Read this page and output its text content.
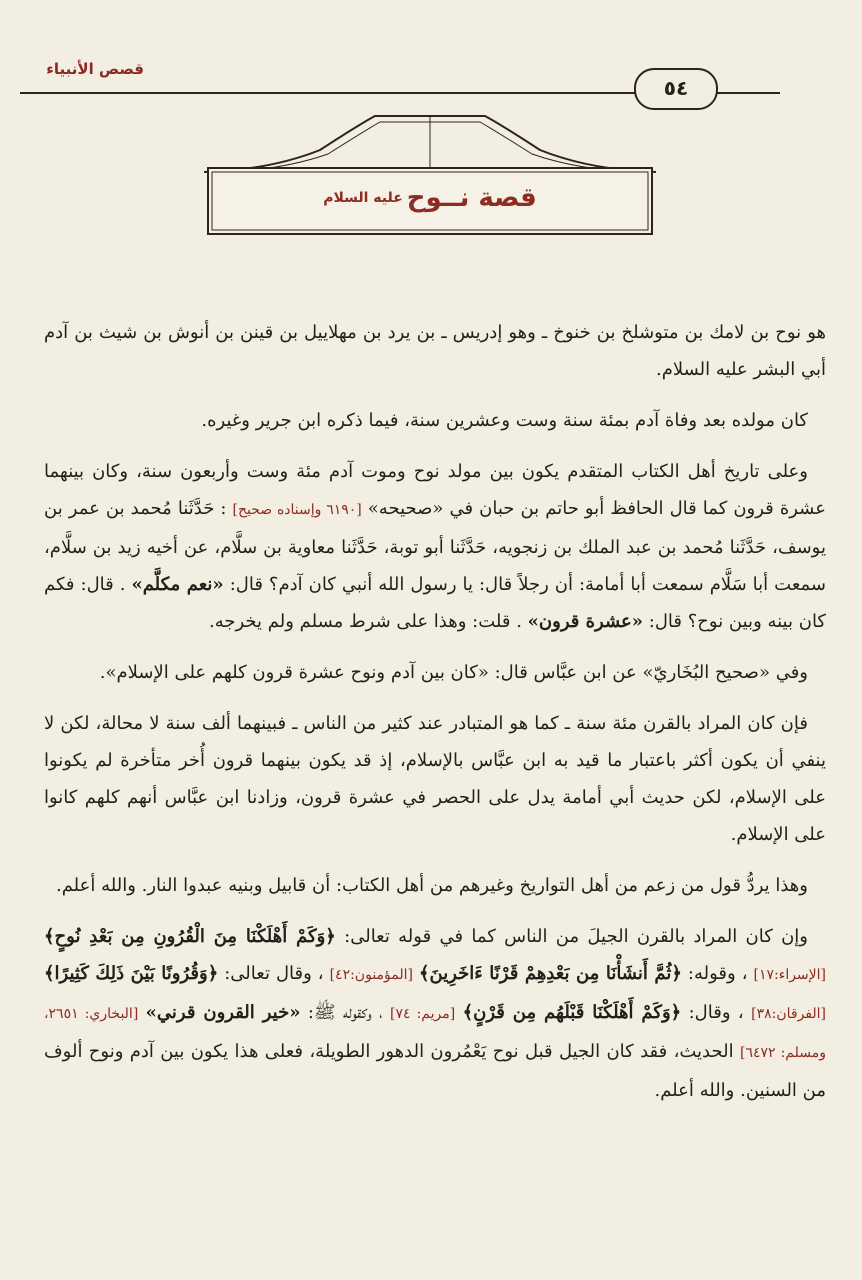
قصص الأنبياء
٥٤
قصة نــوح
عليه السلام

هو نوح بن لامك بن متوشلخ بن خنوخ ـ وهو إدريس ـ بن يرد بن مهلاييل بن قينن بن أنوش بن شيث بن آدم أبي البشر عليه السلام.

كان مولده بعد وفاة آدم بمئة سنة وست وعشرين سنة، فيما ذكره ابن جرير وغيره.

وعلى تاريخ أهل الكتاب المتقدم يكون بين مولد نوح وموت آدم مئة وست وأربعون سنة، وكان بينهما عشرة قرون كما قال الحافظ أبو حاتم بن حبان في «صحيحه» [٦١٩٠ وإسناده صحيح] : حَدَّثَنا مُحمد بن عمر بن يوسف، حَدَّثَنا مُحمد بن عبد الملك بن زنجويه، حَدَّثَنا أبو توبة، حَدَّثَنا معاوية بن سلَّام، عن أخيه زيد بن سلَّام، سمعت أبا سَلَّام سمعت أبا أمامة: أن رجلاً قال: يا رسول الله أنبي كان آدم؟ قال: «نعم مكلَّم» . قال: فكم كان بينه وبين نوح؟ قال: «عشرة قرون» . قلت: وهذا على شرط مسلم ولم يخرجه.

وفي «صحيح البُخَاريّ» عن ابن عبَّاس قال: «كان بين آدم ونوح عشرة قرون كلهم على الإسلام».

فإن كان المراد بالقرن مئة سنة ـ كما هو المتبادر عند كثير من الناس ـ فبينهما ألف سنة لا محالة، لكن لا ينفي أن يكون أكثر باعتبار ما قيد به ابن عبَّاس بالإسلام، إذ قد يكون بينهما قرون أُخر متأخرة لم يكونوا على الإسلام، لكن حديث أبي أمامة يدل على الحصر في عشرة قرون، وزادنا ابن عبَّاس أنهم كلهم كانوا على الإسلام.

وهذا يردُّ قول من زعم من أهل التواريخ وغيرهم من أهل الكتاب: أن قابيل وبنيه عبدوا النار. والله أعلم.

وإن كان المراد بالقرن الجيلَ من الناس كما في قوله تعالى: ﴿وَكَمْ أَهْلَكْنَا مِنَ الْقُرُونِ مِن بَعْدِ نُوحٍ﴾ [الإسراء:١٧] ، وقوله: ﴿ثُمَّ أَنشَأْنَا مِن بَعْدِهِمْ قَرْنًا ءَاخَرِينَ﴾ [المؤمنون:٤٢] ، وقال تعالى: ﴿وَقُرُونًا بَيْنَ ذَلِكَ كَثِيرًا﴾ [الفرقان:٣٨] ، وقال: ﴿وَكَمْ أَهْلَكْنَا قَبْلَهُم مِن قَرْنٍ﴾ [مريم: ٧٤] ، وكقوله ﷺ: «خير القرون قرني» [البخاري: ٢٦٥١، ومسلم: ٦٤٧٢] الحديث، فقد كان الجيل قبل نوح يَعْمُرون الدهور الطويلة، فعلى هذا يكون بين آدم ونوح ألوف من السنين. والله أعلم.
